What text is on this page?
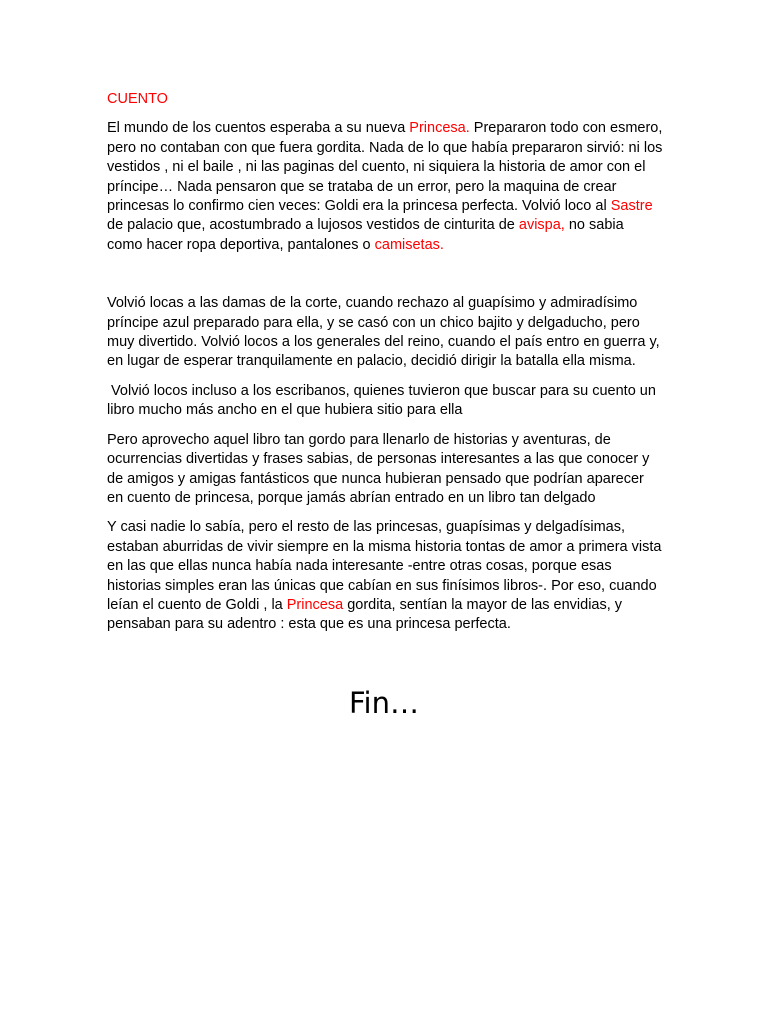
CUENTO
El mundo de los cuentos esperaba a su nueva Princesa. Prepararon todo con esmero, pero no contaban con que fuera gordita. Nada de lo que había prepararon sirvió: ni los vestidos , ni el baile , ni las paginas del cuento, ni siquiera la historia de amor con el príncipe… Nada pensaron que se trataba de un error, pero la maquina de crear princesas lo confirmo cien veces: Goldi era la princesa perfecta. Volvió loco al Sastre de palacio que, acostumbrado a lujosos vestidos de cinturita de avispa, no sabia como hacer ropa deportiva, pantalones o camisetas.
Volvió locas a las damas de la corte, cuando rechazo al guapísimo y admiradísimo príncipe azul preparado para ella, y se casó con un chico bajito y delgaducho, pero muy divertido. Volvió locos a los generales del reino, cuando el país entro en guerra y, en lugar de esperar tranquilamente en palacio, decidió dirigir la batalla ella misma.
Volvió locos incluso a los escribanos, quienes tuvieron que buscar para su cuento un libro mucho más ancho en el que hubiera sitio para ella
Pero aprovecho aquel libro tan gordo para llenarlo de historias y aventuras, de ocurrencias divertidas y frases sabias, de personas interesantes a las que conocer y de amigos y amigas fantásticos que nunca hubieran pensado que podrían aparecer en cuento de princesa, porque jamás abrían entrado en un libro tan delgado
Y casi nadie lo sabía, pero el resto de las princesas, guapísimas y delgadísimas, estaban aburridas de vivir siempre en la misma historia tontas de amor a primera vista en las que ellas nunca había nada interesante -entre otras cosas, porque esas historias simples eran las únicas que cabían en sus finísimos libros-. Por eso, cuando leían el cuento de Goldi , la Princesa gordita, sentían la mayor de las envidias, y pensaban para su adentro : esta que es una princesa perfecta.
Fin…
